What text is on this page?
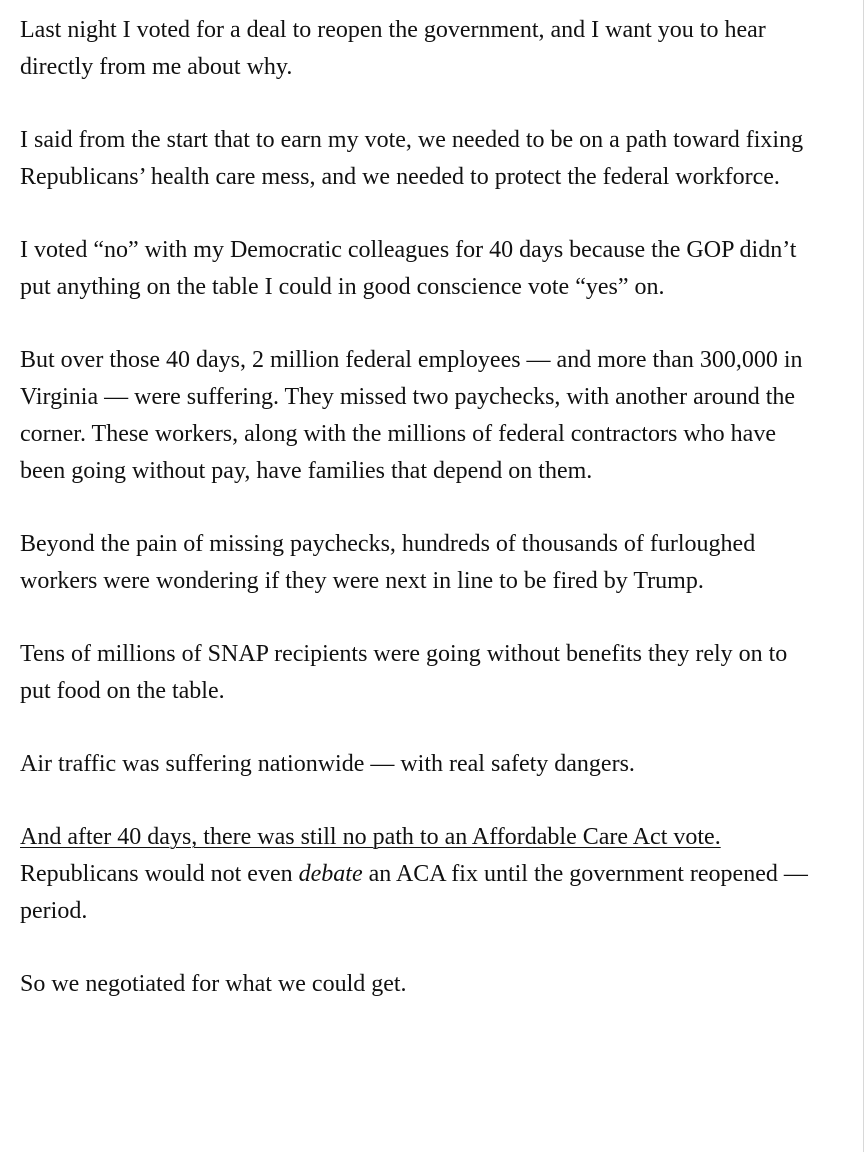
Last night I voted for a deal to reopen the government, and I want you to hear directly from me about why.

I said from the start that to earn my vote, we needed to be on a path toward fixing Republicans’ health care mess, and we needed to protect the federal workforce.

I voted “no” with my Democratic colleagues for 40 days because the GOP didn’t put anything on the table I could in good conscience vote “yes” on.

But over those 40 days, 2 million federal employees — and more than 300,000 in Virginia — were suffering. They missed two paychecks, with another around the corner. These workers, along with the millions of federal contractors who have been going without pay, have families that depend on them.

Beyond the pain of missing paychecks, hundreds of thousands of furloughed workers were wondering if they were next in line to be fired by Trump.

Tens of millions of SNAP recipients were going without benefits they rely on to put food on the table.

Air traffic was suffering nationwide — with real safety dangers.

And after 40 days, there was still no path to an Affordable Care Act vote. Republicans would not even debate an ACA fix until the government reopened — period.

So we negotiated for what we could get.
